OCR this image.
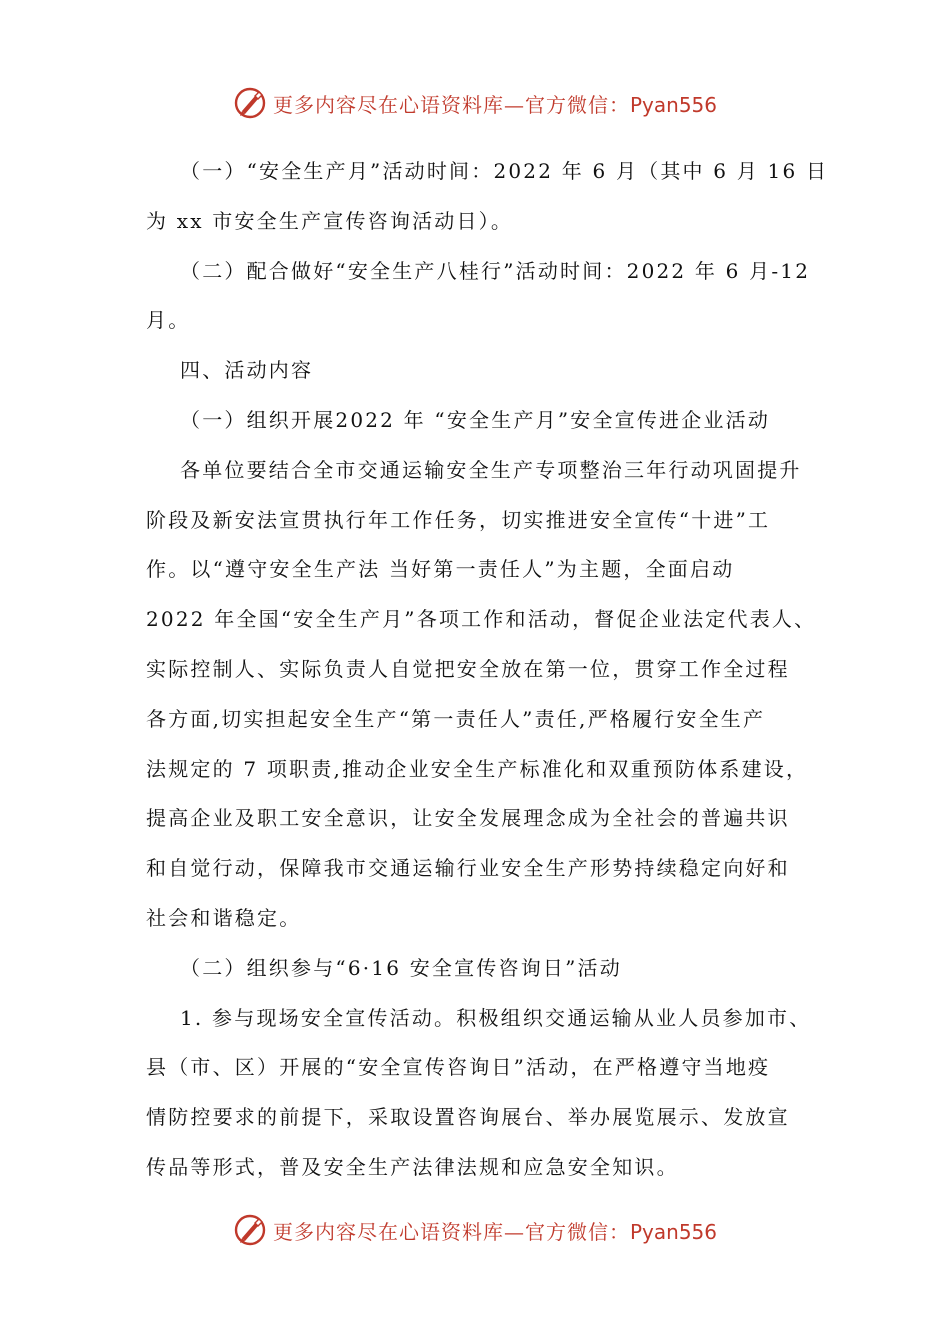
更多内容尽在心语资料库—官方微信：Pyan556
（一）“安全生产月”活动时间：2022 年 6 月（其中 6 月 16 日
为 xx 市安全生产宣传咨询活动日）。
（二）配合做好“安全生产八桂行”活动时间：2022 年 6 月-12
月。
四、活动内容
（一）组织开展2022 年 “安全生产月”安全宣传进企业活动
各单位要结合全市交通运输安全生产专项整治三年行动巩固提升
阶段及新安法宣贯执行年工作任务，切实推进安全宣传“十进”工
作。以“遵守安全生产法 当好第一责任人”为主题，全面启动
2022 年全国“安全生产月”各项工作和活动，督促企业法定代表人、
实际控制人、实际负责人自觉把安全放在第一位，贯穿工作全过程
各方面,切实担起安全生产“第一责任人”责任,严格履行安全生产
法规定的 7 项职责,推动企业安全生产标准化和双重预防体系建设，
提高企业及职工安全意识，让安全发展理念成为全社会的普遍共识
和自觉行动，保障我市交通运输行业安全生产形势持续稳定向好和
社会和谐稳定。
（二）组织参与“6·16 安全宣传咨询日”活动
1. 参与现场安全宣传活动。积极组织交通运输从业人员参加市、
县（市、区）开展的“安全宣传咨询日”活动，在严格遵守当地疫
情防控要求的前提下，采取设置咨询展台、举办展览展示、发放宣
传品等形式，普及安全生产法律法规和应急安全知识。
更多内容尽在心语资料库—官方微信：Pyan556
